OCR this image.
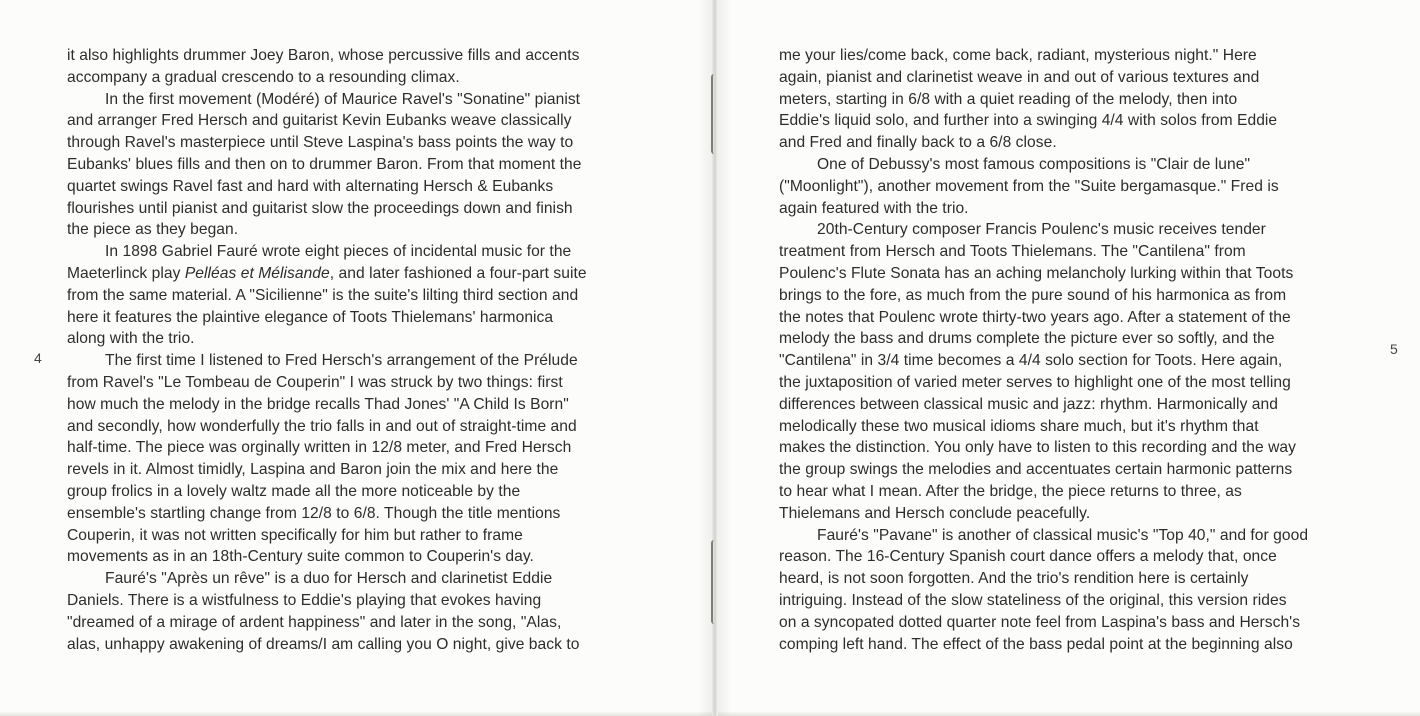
it also highlights drummer Joey Baron, whose percussive fills and accents
accompany a gradual crescendo to a resounding climax.

In the first movement (Modéré) of Maurice Ravel's "Sonatine" pianist
and arranger Fred Hersch and guitarist Kevin Eubanks weave classically
through Ravel's masterpiece until Steve Laspina's bass points the way to
Eubanks' blues fills and then on to drummer Baron. From that moment the
quartet swings Ravel fast and hard with alternating Hersch & Eubanks
flourishes until pianist and guitarist slow the proceedings down and finish
the piece as they began.

In 1898 Gabriel Fauré wrote eight pieces of incidental music for the
Maeterlinck play Pelléas et Mélisande, and later fashioned a four-part suite
from the same material. A "Sicilienne" is the suite's lilting third section and
here it features the plaintive elegance of Toots Thielemans' harmonica
along with the trio.

The first time I listened to Fred Hersch's arrangement of the Prélude
from Ravel's "Le Tombeau de Couperin" I was struck by two things: first
how much the melody in the bridge recalls Thad Jones' "A Child Is Born"
and secondly, how wonderfully the trio falls in and out of straight-time and
half-time. The piece was orginally written in 12/8 meter, and Fred Hersch
revels in it. Almost timidly, Laspina and Baron join the mix and here the
group frolics in a lovely waltz made all the more noticeable by the
ensemble's startling change from 12/8 to 6/8. Though the title mentions
Couperin, it was not written specifically for him but rather to frame
movements as in an 18th-Century suite common to Couperin's day.

Fauré's "Après un rêve" is a duo for Hersch and clarinetist Eddie
Daniels. There is a wistfulness to Eddie's playing that evokes having
"dreamed of a mirage of ardent happiness" and later in the song, "Alas,
alas, unhappy awakening of dreams/I am calling you O night, give back to

4

me your lies/come back, come back, radiant, mysterious night." Here
again, pianist and clarinetist weave in and out of various textures and
meters, starting in 6/8 with a quiet reading of the melody, then into
Eddie's liquid solo, and further into a swinging 4/4 with solos from Eddie
and Fred and finally back to a 6/8 close.

One of Debussy's most famous compositions is "Clair de lune"
("Moonlight"), another movement from the "Suite bergamasque." Fred is
again featured with the trio.

20th-Century composer Francis Poulenc's music receives tender
treatment from Hersch and Toots Thielemans. The "Cantilena" from
Poulenc's Flute Sonata has an aching melancholy lurking within that Toots
brings to the fore, as much from the pure sound of his harmonica as from
the notes that Poulenc wrote thirty-two years ago. After a statement of the
melody the bass and drums complete the picture ever so softly, and the
"Cantilena" in 3/4 time becomes a 4/4 solo section for Toots. Here again,
the juxtaposition of varied meter serves to highlight one of the most telling
differences between classical music and jazz: rhythm. Harmonically and
melodically these two musical idioms share much, but it's rhythm that
makes the distinction. You only have to listen to this recording and the way
the group swings the melodies and accentuates certain harmonic patterns
to hear what I mean. After the bridge, the piece returns to three, as
Thielemans and Hersch conclude peacefully.

Fauré's "Pavane" is another of classical music's "Top 40," and for good
reason. The 16-Century Spanish court dance offers a melody that, once
heard, is not soon forgotten. And the trio's rendition here is certainly
intriguing. Instead of the slow stateliness of the original, this version rides
on a syncopated dotted quarter note feel from Laspina's bass and Hersch's
comping left hand. The effect of the bass pedal point at the beginning also

5
